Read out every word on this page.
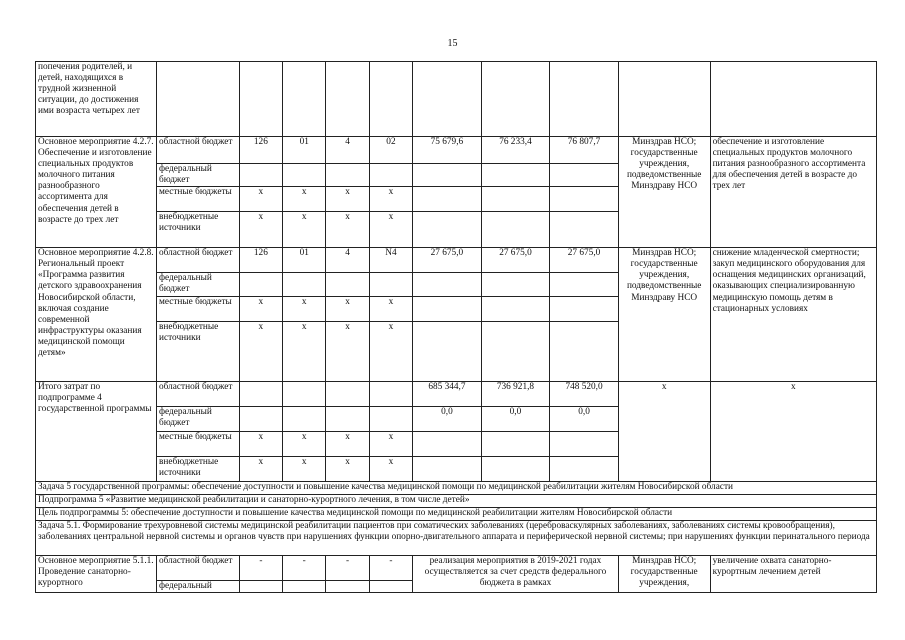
15
попечения родителей, и детей, находящихся в трудной жизненной ситуации, до достижения ими возраста четырех лет										
Основное мероприятие 4.2.7. Обеспечение и изготовление специальных продуктов молочного питания разнообразного ассортимента для обеспечения детей в возрасте до трех лет	областной бюджет	126	01	4	02	75 679,6	76 233,4	76 807,7	Минздрав НСО; государственные учреждения, подведомственные Минздраву НСО	обеспечение и изготовление специальных продуктов молочного питания разнообразного ассортимента для обеспечения детей в возрасте до трех лет
	федеральный бюджет									
	местные бюджеты	x	x	x	x					
	внебюджетные источники	x	x	x	x					
Основное мероприятие 4.2.8. Региональный проект «Программа развития детского здравоохранения Новосибирской области, включая создание современной инфраструктуры оказания медицинской помощи детям»	областной бюджет	126	01	4	N4	27 675,0	27 675,0	27 675,0	Минздрав НСО; государственные учреждения, подведомственные Минздраву НСО	снижение младенческой смертности; закуп медицинского оборудования для оснащения медицинских организаций, оказывающих специализированную медицинскую помощь детям в стационарных условиях
	федеральный бюджет									
	местные бюджеты	x	x	x	x					
	внебюджетные источники	x	x	x	x					
Итого затрат по подпрограмме 4 государственной программы	областной бюджет					685 344,7	736 921,8	748 520,0	x	x
	федеральный бюджет					0,0	0,0	0,0		
	местные бюджеты	x	x	x	x					
	внебюджетные источники	x	x	x	x					
Задача 5 государственной программы: обеспечение доступности и повышение качества медицинской помощи по медицинской реабилитации жителям Новосибирской области										
Подпрограмма 5 «Развитие медицинской реабилитации и санаторно-курортного лечения, в том числе детей»										
Цель подпрограммы 5: обеспечение доступности и повышение качества медицинской помощи по медицинской реабилитации жителям Новосибирской области										
Задача 5.1. Формирование трехуровневой системы медицинской реабилитации пациентов при соматических заболеваниях (цереброваскулярных заболеваниях, заболеваниях системы кровообращения), заболеваниях центральной нервной системы и органов чувств при нарушениях функции опорно-двигательного аппарата и периферической нервной системы; при нарушениях функции перинатального периода										
Основное мероприятие 5.1.1. Проведение санаторно-курортного	областной бюджет	-	-	-	-	реализация мероприятия в 2019-2021 годах осуществляется за счет средств федерального бюджета в рамках			Минздрав НСО; государственные учреждения,	увеличение охвата санаторно-курортным лечением детей
	федеральный									
